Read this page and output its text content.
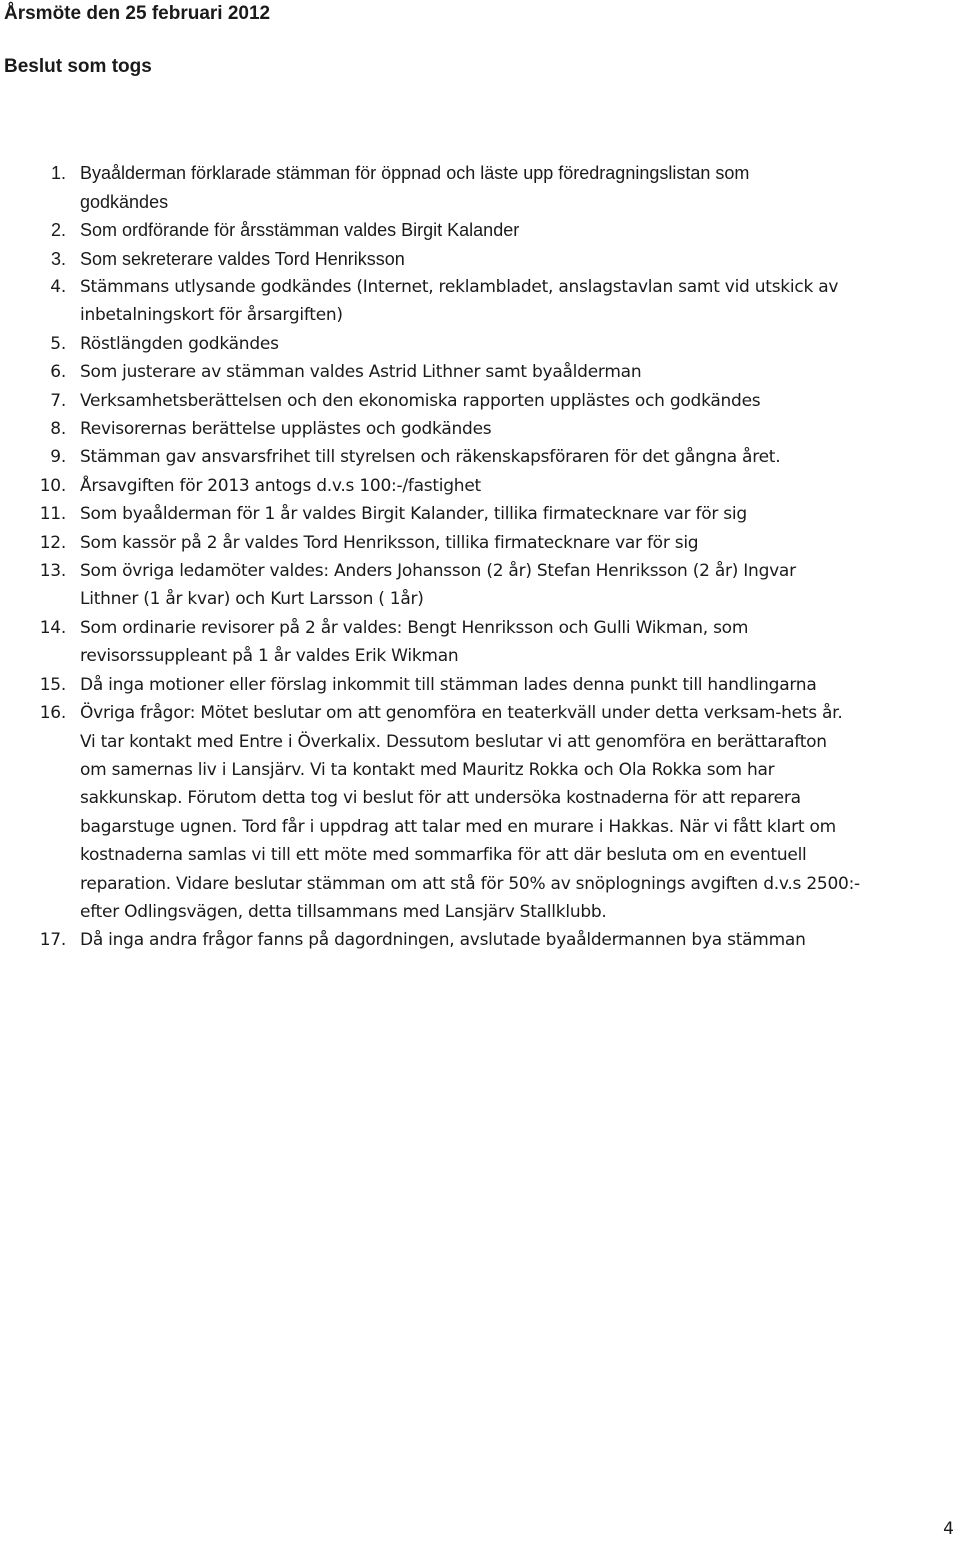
Årsmöte den 25 februari 2012
Beslut som togs
1. Byaålderman förklarade stämman för öppnad och läste upp föredragningslistan som
godkändes
2. Som ordförande för årsstämman valdes Birgit Kalander
3. Som sekreterare valdes Tord Henriksson
4. Stämmans utlysande godkändes (Internet, reklambladet, anslagstavlan samt vid utskick av
inbetalningskort för årsargiften)
5. Röstlängden godkändes
6. Som justerare av stämman valdes Astrid Lithner samt byaålderman
7. Verksamhetsberättelsen och den ekonomiska rapporten upplästes och godkändes
8. Revisorernas berättelse upplästes och godkändes
9. Stämman gav ansvarsfrihet till styrelsen och räkenskapsföraren för det gångna året.
10. Årsavgiften för 2013 antogs d.v.s 100:-/fastighet
11. Som byaålderman för 1 år valdes Birgit Kalander, tillika firmatecknare var för sig
12. Som kassör på 2 år valdes Tord Henriksson, tillika firmatecknare var för sig
13. Som övriga ledamöter valdes: Anders Johansson (2 år) Stefan Henriksson (2 år) Ingvar
Lithner (1 år kvar) och Kurt Larsson ( 1år)
14. Som ordinarie revisorer på 2 år valdes: Bengt Henriksson och Gulli Wikman, som
revisorssuppleant på 1 år valdes Erik Wikman
15. Då inga motioner eller förslag inkommit till stämman lades denna punkt till handlingarna
16. Övriga frågor: Mötet beslutar om att genomföra en teaterkväll under detta verksam-hets år.
Vi tar kontakt med Entre i Överkalix. Dessutom beslutar vi att genomföra en berättarafton
om samernas liv i Lansjärv. Vi ta kontakt med Mauritz Rokka och Ola Rokka som har
sakkunskap. Förutom detta tog vi beslut för att undersöka kostnaderna för att reparera
bagarstuge ugnen. Tord får i uppdrag att talar med en murare i Hakkas. När vi fått klart om
kostnaderna samlas vi till ett möte med sommarfika för att där besluta om en eventuell
reparation. Vidare beslutar stämman om att stå för 50% av snöplognings avgiften d.v.s 2500:-
efter Odlingsvägen, detta tillsammans med Lansjärv Stallklubb.
17. Då inga andra frågor fanns på dagordningen, avslutade byaåldermannen bya stämman
4
